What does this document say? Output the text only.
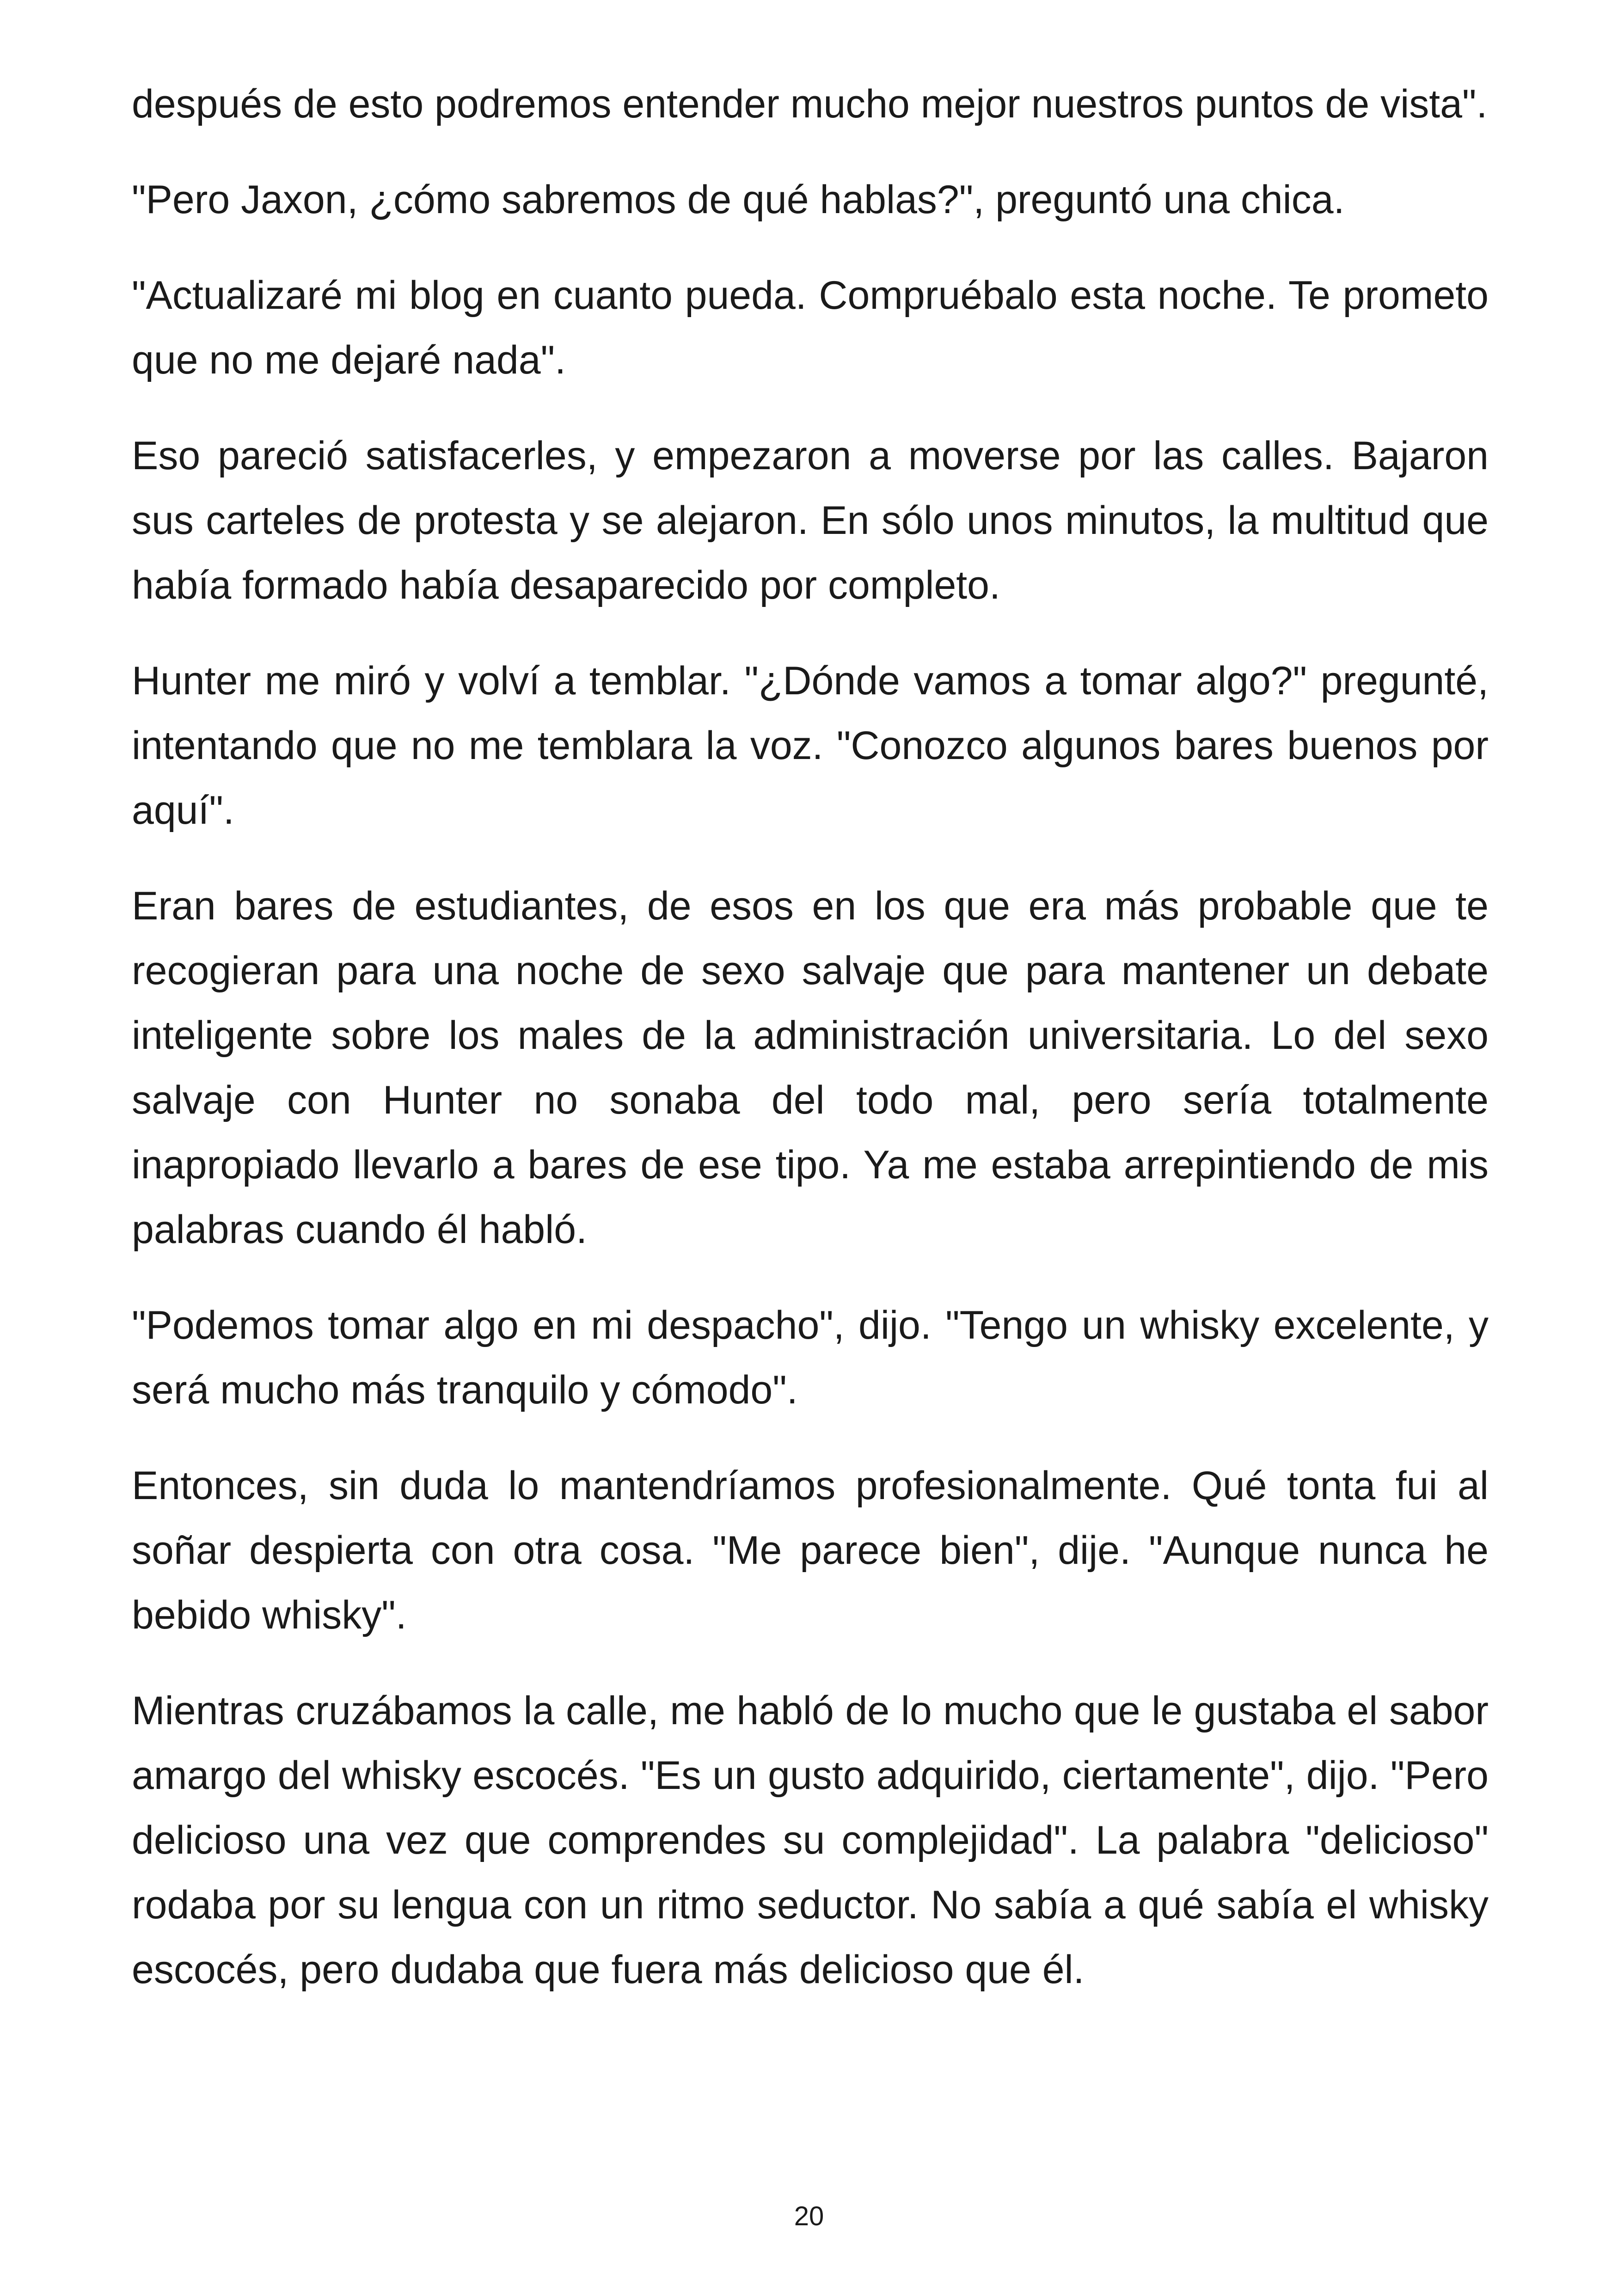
después de esto podremos entender mucho mejor nuestros puntos de vista".

"Pero Jaxon, ¿cómo sabremos de qué hablas?", preguntó una chica.

"Actualizaré mi blog en cuanto pueda. Compruébalo esta noche. Te prometo que no me dejaré nada".

Eso pareció satisfacerles, y empezaron a moverse por las calles. Bajaron sus carteles de protesta y se alejaron. En sólo unos minutos, la multitud que había formado había desaparecido por completo.

Hunter me miró y volví a temblar. "¿Dónde vamos a tomar algo?" pregunté, intentando que no me temblara la voz. "Conozco algunos bares buenos por aquí".

Eran bares de estudiantes, de esos en los que era más probable que te recogieran para una noche de sexo salvaje que para mantener un debate inteligente sobre los males de la administración universitaria. Lo del sexo salvaje con Hunter no sonaba del todo mal, pero sería totalmente inapropiado llevarlo a bares de ese tipo. Ya me estaba arrepintiendo de mis palabras cuando él habló.

"Podemos tomar algo en mi despacho", dijo. "Tengo un whisky excelente, y será mucho más tranquilo y cómodo".

Entonces, sin duda lo mantendríamos profesionalmente. Qué tonta fui al soñar despierta con otra cosa. "Me parece bien", dije. "Aunque nunca he bebido whisky".

Mientras cruzábamos la calle, me habló de lo mucho que le gustaba el sabor amargo del whisky escocés. "Es un gusto adquirido, ciertamente", dijo. "Pero delicioso una vez que comprendes su complejidad". La palabra "delicioso" rodaba por su lengua con un ritmo seductor. No sabía a qué sabía el whisky escocés, pero dudaba que fuera más delicioso que él.

20
